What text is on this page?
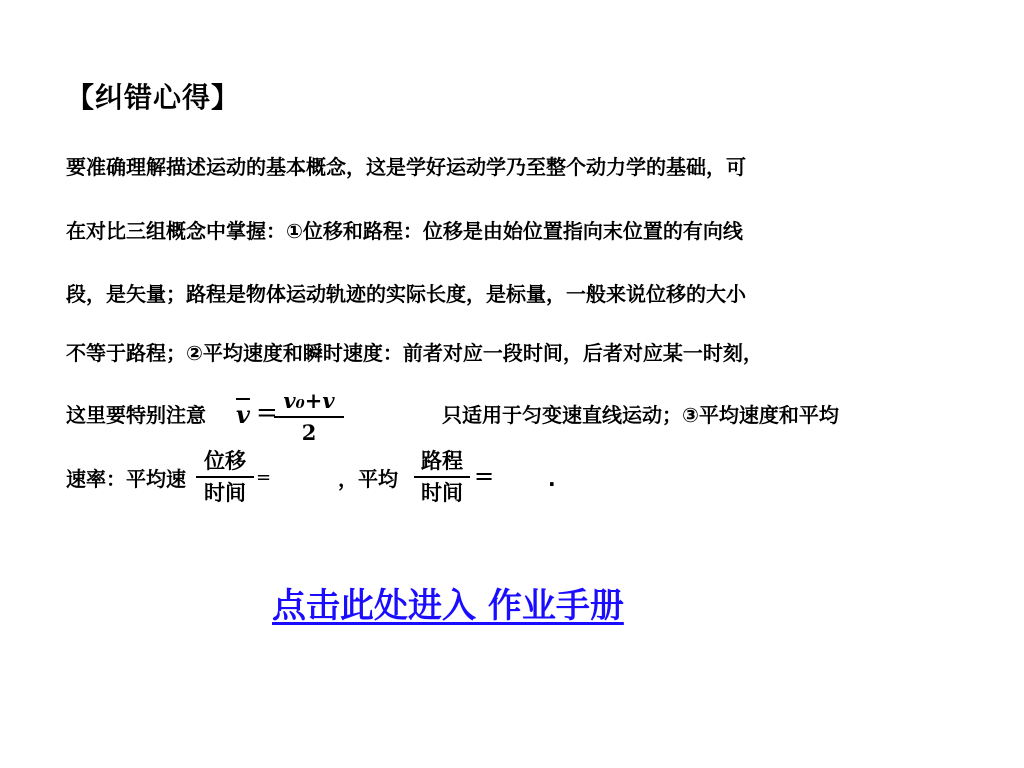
【纠错心得】
要准确理解描述运动的基本概念，这是学好运动学乃至整个动力学的基础，可
在对比三组概念中掌握：①位移和路程：位移是由始位置指向末位置的有向线
段，是矢量；路程是物体运动轨迹的实际长度，是标量，一般来说位移的大小
不等于路程；②平均速度和瞬时速度：前者对应一段时间，后者对应某一时刻，
这里要特别注意 $\overline{v} = v_0+v$
2
只适用于匀变速直线运动；③平均速度和平均
速率：平均速
位移
时间
=	，平均
路程
时间
=	.
点击此处进入 作业手册
